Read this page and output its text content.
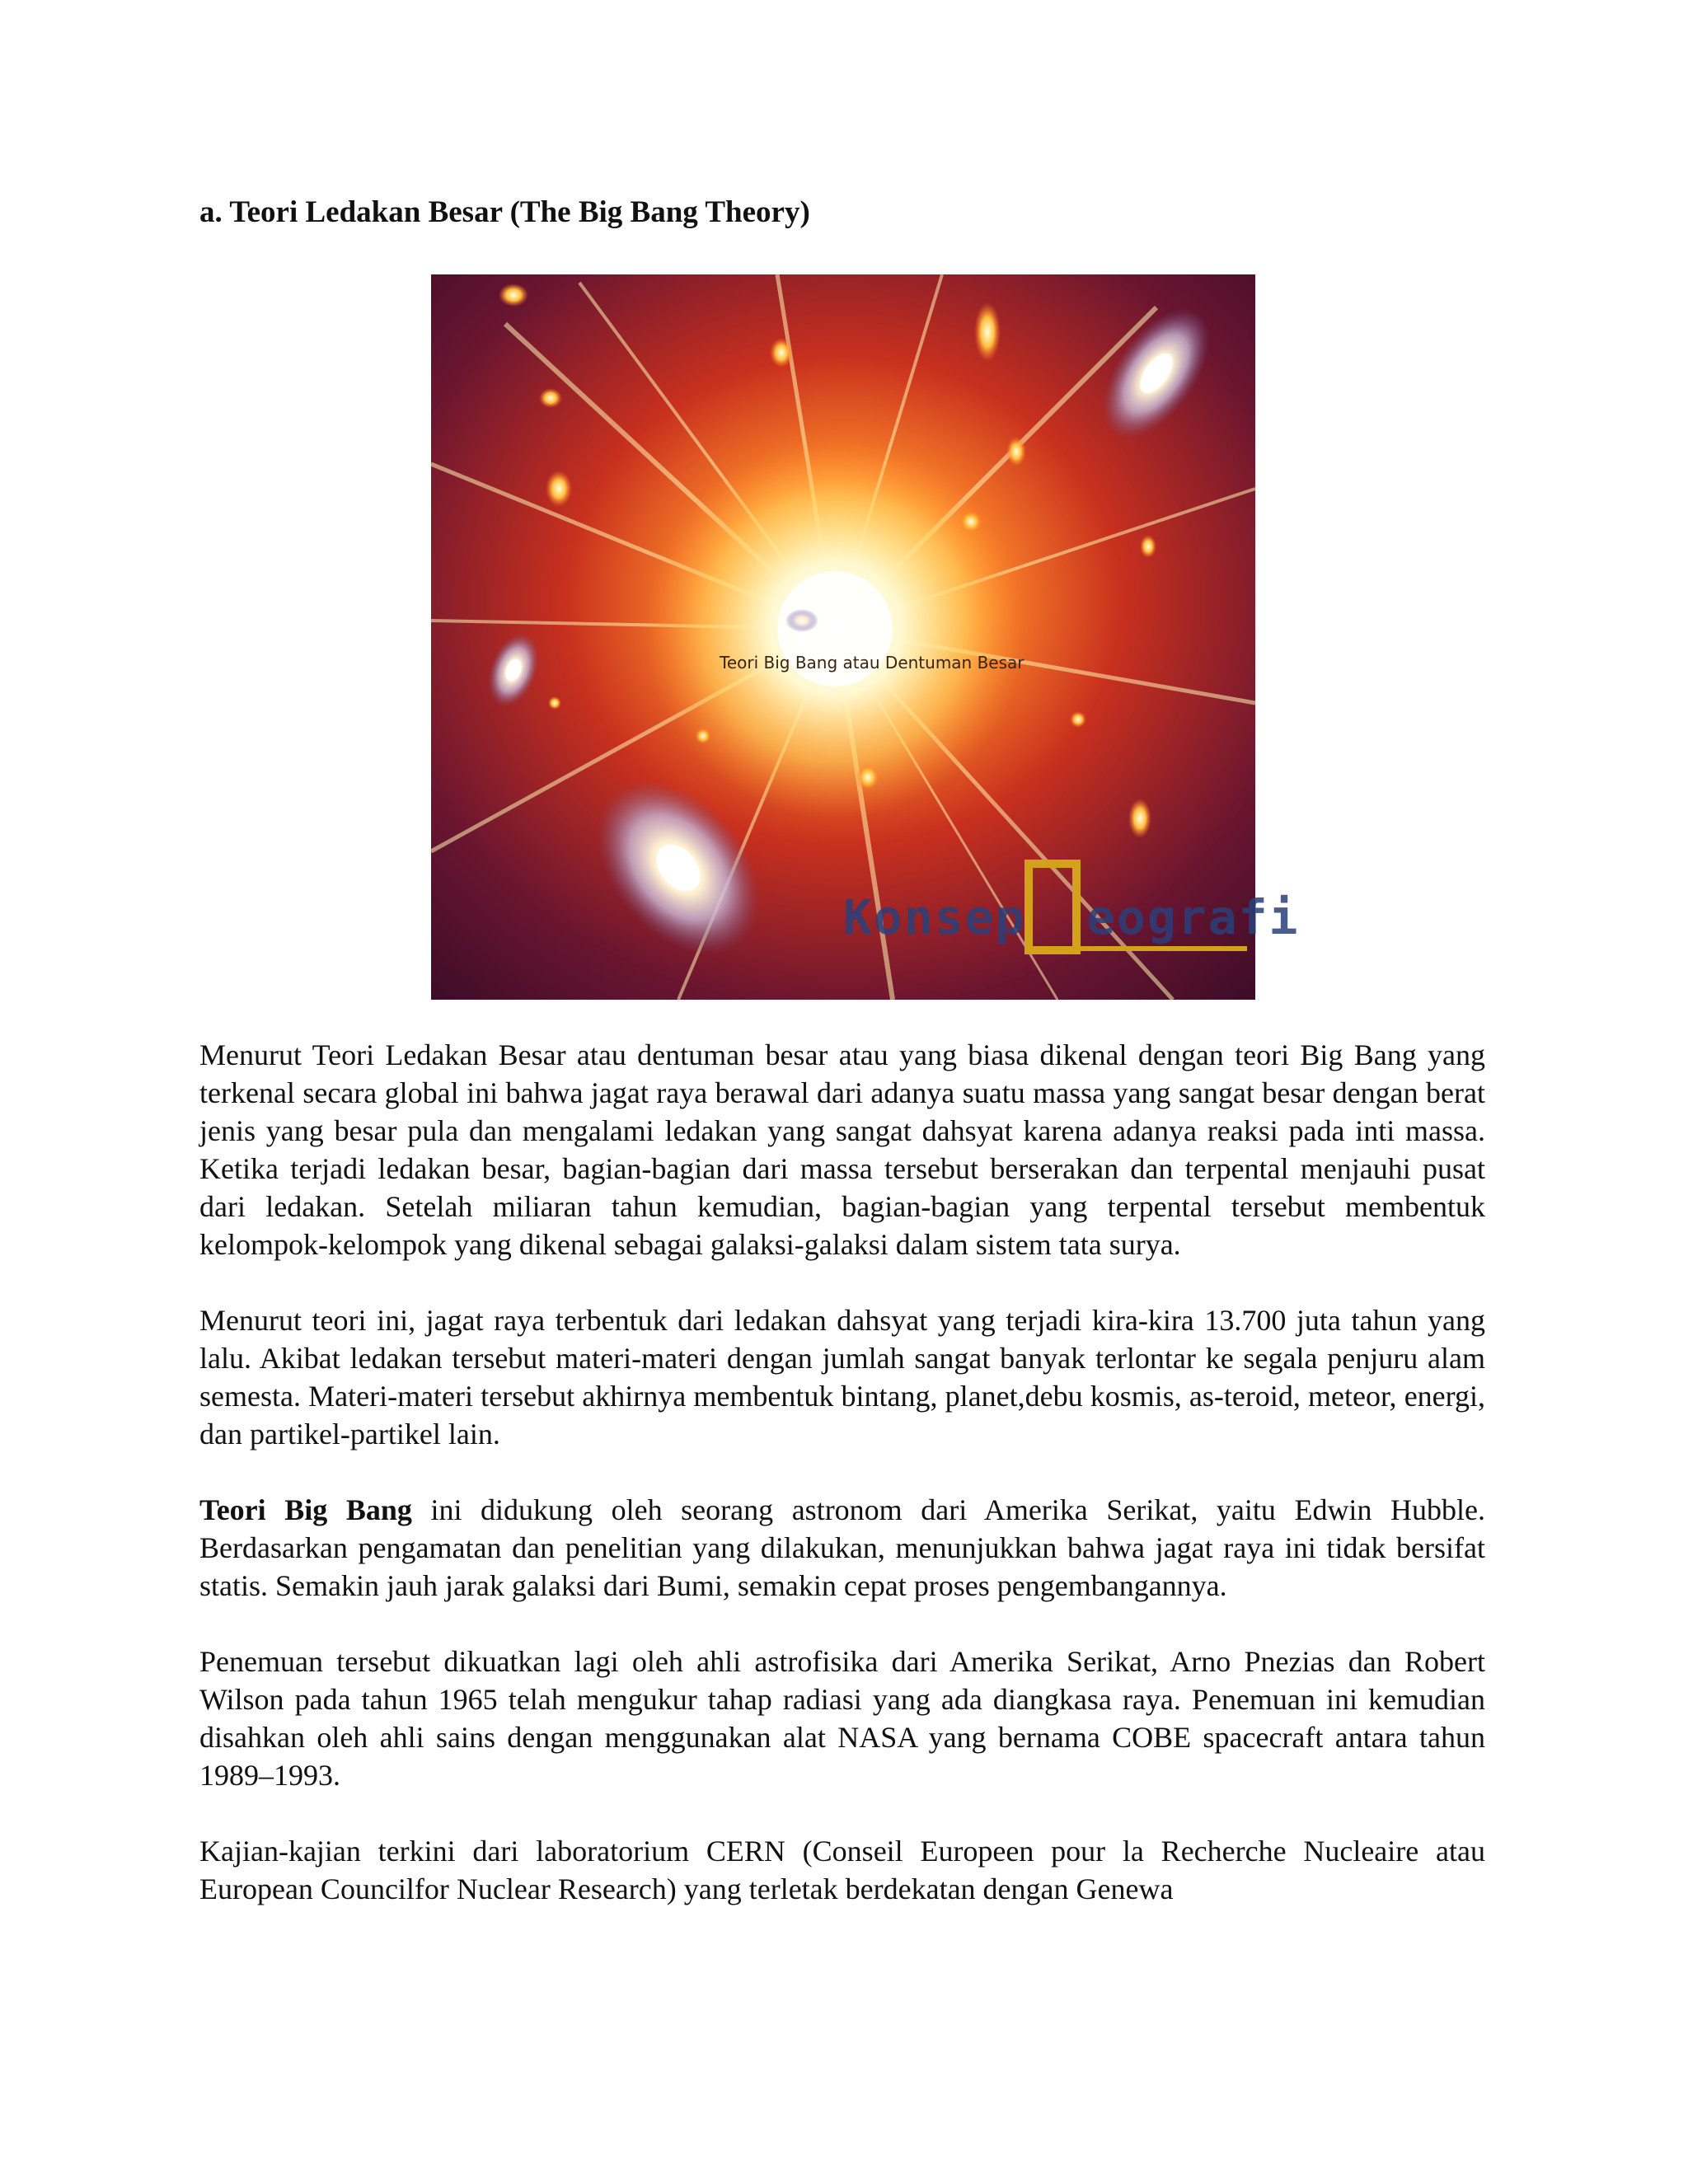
a. Teori Ledakan Besar (The Big Bang Theory)
Teori Big Bang atau Dentuman Besar
Konsep eografi

Menurut Teori Ledakan Besar atau dentuman besar atau yang biasa dikenal dengan teori Big Bang yang terkenal secara global ini bahwa jagat raya berawal dari adanya suatu massa yang sangat besar dengan berat jenis yang besar pula dan mengalami ledakan yang sangat dahsyat karena adanya reaksi pada inti massa. Ketika terjadi ledakan besar, bagian-bagian dari massa tersebut berserakan dan terpental menjauhi pusat dari ledakan. Setelah miliaran tahun kemudian, bagian-bagian yang terpental tersebut membentuk kelompok-kelompok yang dikenal sebagai galaksi-galaksi dalam sistem tata surya.

Menurut teori ini, jagat raya terbentuk dari ledakan dahsyat yang terjadi kira-kira 13.700 juta tahun yang lalu. Akibat ledakan tersebut materi-materi dengan jumlah sangat banyak terlontar ke segala penjuru alam semesta. Materi-materi tersebut akhirnya membentuk bintang, planet,debu kosmis, as-teroid, meteor, energi, dan partikel-partikel lain.

Teori Big Bang ini didukung oleh seorang astronom dari Amerika Serikat, yaitu Edwin Hubble. Berdasarkan pengamatan dan penelitian yang dilakukan, menunjukkan bahwa jagat raya ini tidak bersifat statis. Semakin jauh jarak galaksi dari Bumi, semakin cepat proses pengembangannya.

Penemuan tersebut dikuatkan lagi oleh ahli astrofisika dari Amerika Serikat, Arno Pnezias dan Robert Wilson pada tahun 1965 telah mengukur tahap radiasi yang ada diangkasa raya. Penemuan ini kemudian disahkan oleh ahli sains dengan menggunakan alat NASA yang bernama COBE spacecraft antara tahun 1989–1993.

Kajian-kajian terkini dari laboratorium CERN (Conseil Europeen pour la Recherche Nucleaire atau European Councilfor Nuclear Research) yang terletak berdekatan dengan Genewa
